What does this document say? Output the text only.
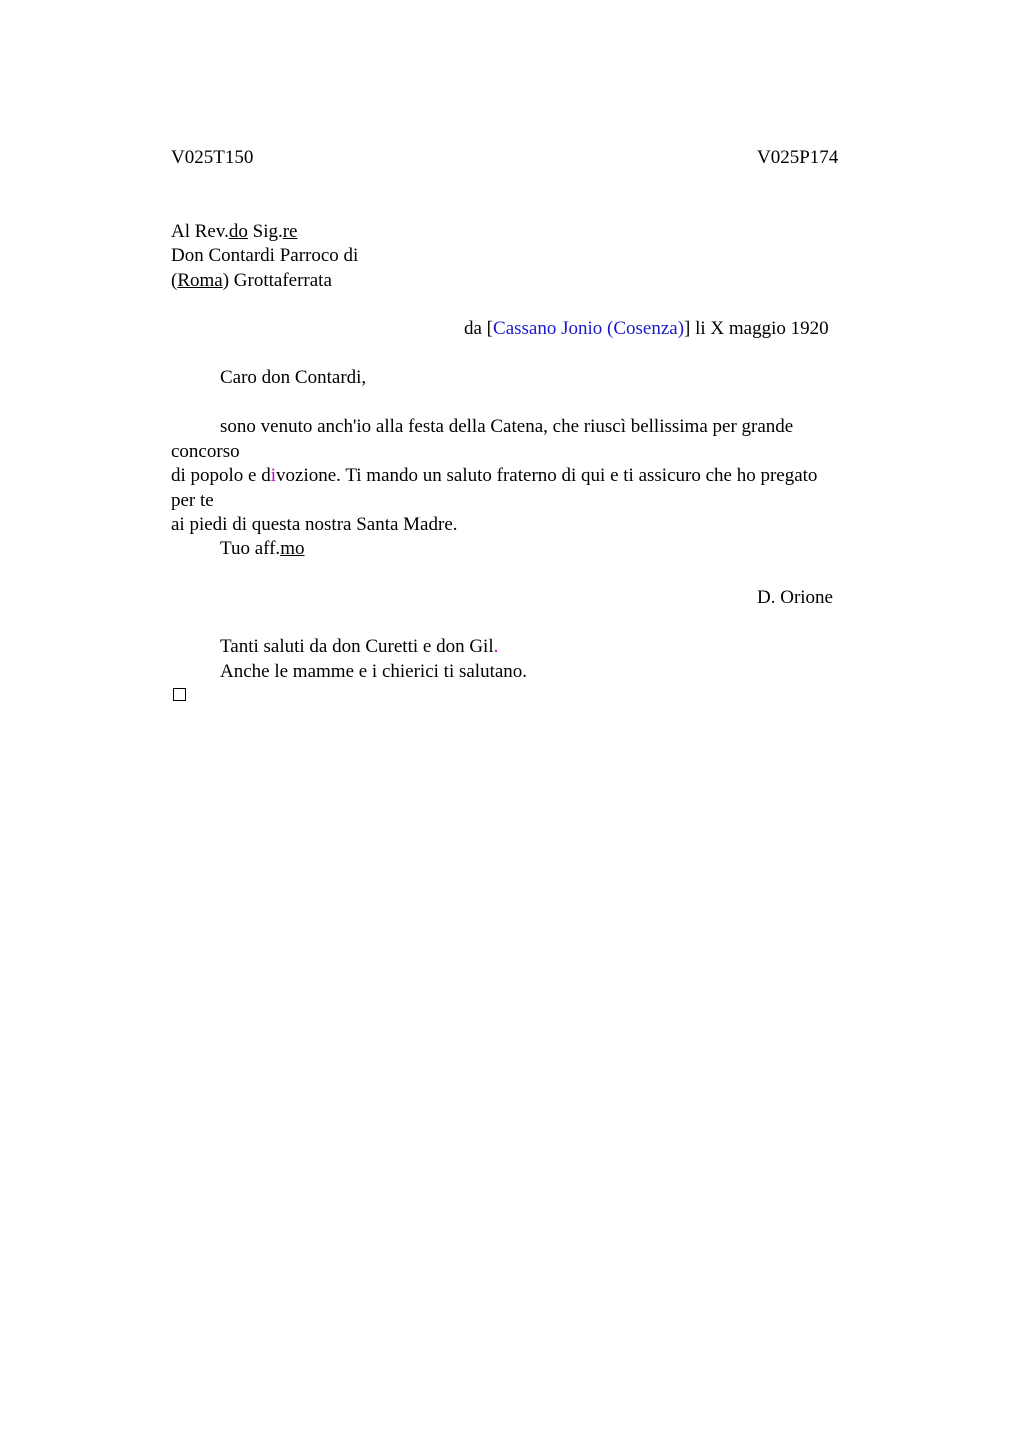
V025T150	V025P174
Al Rev.do Sig.re
Don Contardi Parroco di
(Roma) Grottaferrata
da [Cassano Jonio (Cosenza)] li X maggio 1920
Caro don Contardi,
sono venuto anch'io alla festa della Catena, che riuscì bellissima per grande
concorso
di popolo e divozione. Ti mando un saluto fraterno di qui e ti assicuro che ho pregato
per te
ai piedi di questa nostra Santa Madre.
Tuo aff.mo
D. Orione
Tanti saluti da don Curetti e don Gil.
Anche le mamme e i chierici ti salutano.
